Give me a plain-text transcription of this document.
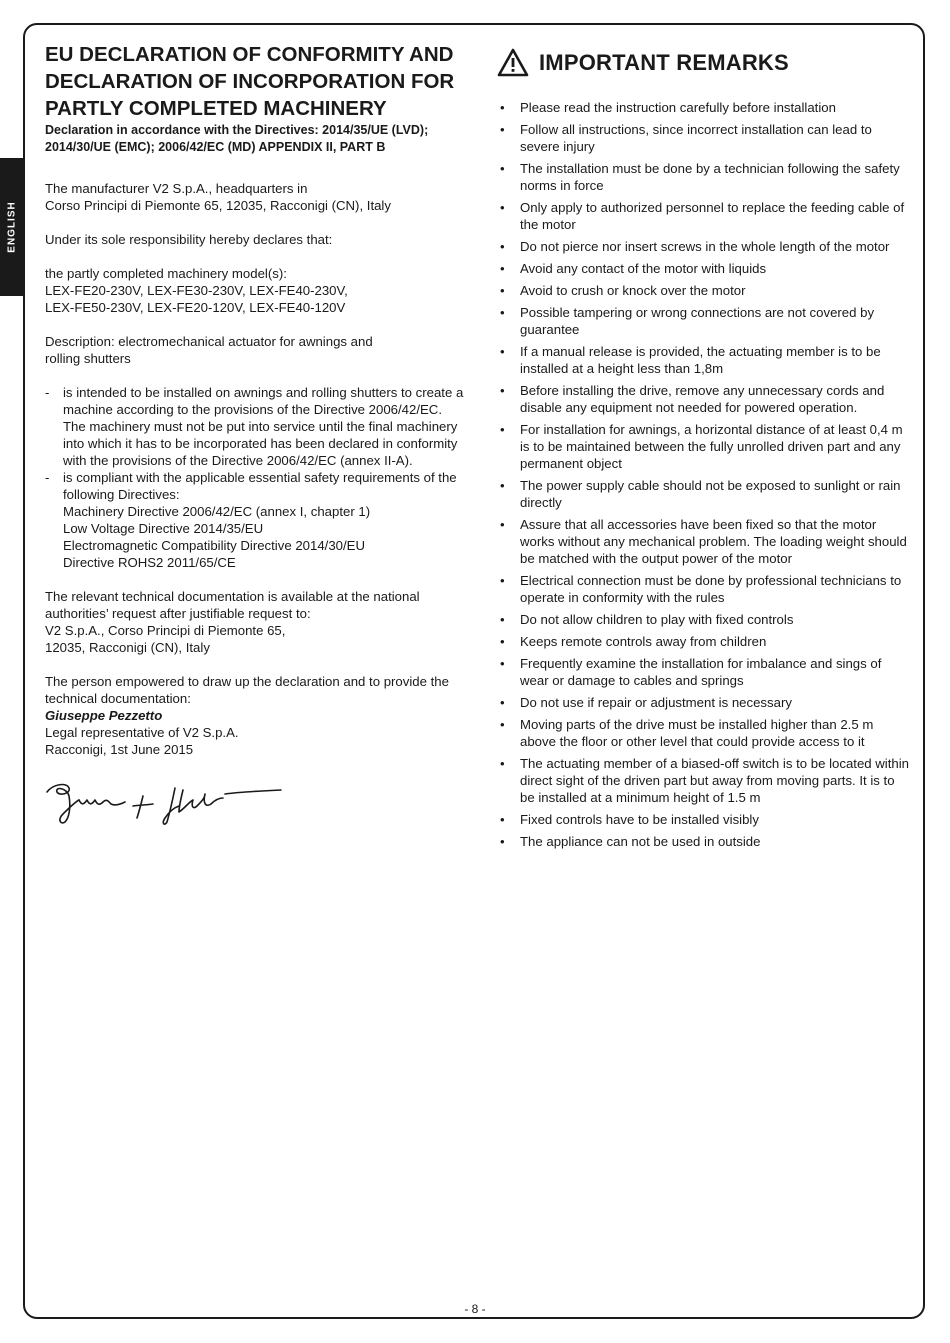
ENGLISH
EU DECLARATION OF CONFORMITY AND DECLARATION OF INCORPORATION FOR PARTLY COMPLETED MACHINERY

Declaration in accordance with the Directives: 2014/35/UE (LVD); 2014/30/UE (EMC); 2006/42/EC (MD) APPENDIX II, PART B

The manufacturer V2 S.p.A., headquarters in

Corso Principi di Piemonte 65, 12035, Racconigi (CN), Italy

Under its sole responsibility hereby declares that:

the partly completed machinery model(s):

LEX-FE20-230V, LEX-FE30-230V, LEX-FE40-230V,

LEX-FE50-230V, LEX-FE20-120V, LEX-FE40-120V

Description: electromechanical actuator for awnings and

rolling shutters

- is intended to be installed on awnings and rolling shutters to create a machine according to the provisions of the Directive 2006/42/EC. The machinery must not be put into service until the final machinery into which it has to be incorporated has been declared in conformity with the provisions of the Directive 2006/42/EC (annex II-A).
- is compliant with the applicable essential safety requirements of the following Directives:
Machinery Directive 2006/42/EC (annex I, chapter 1)
Low Voltage Directive 2014/35/EU
Electromagnetic Compatibility Directive 2014/30/EU
Directive ROHS2 2011/65/CE

The relevant technical documentation is available at the national authorities’ request after justifiable request to:

V2 S.p.A., Corso Principi di Piemonte 65,

12035, Racconigi (CN), Italy

The person empowered to draw up the declaration and to provide the technical documentation:

Giuseppe Pezzetto

Legal representative of V2 S.p.A.

Racconigi, 1st June 2015

IMPORTANT REMARKS
• Please read the instruction carefully before installation
• Follow all instructions, since incorrect installation can lead to severe injury
• The installation must be done by a technician following the safety norms in force
• Only apply to authorized personnel to replace the feeding cable of the motor
• Do not pierce nor insert screws in the whole length of the motor
• Avoid any contact of the motor with liquids
• Avoid to crush or knock over the motor
• Possible tampering or wrong connections are not covered by guarantee
• If a manual release is provided, the actuating member is to be installed at a height less than 1,8m
• Before installing the drive, remove any unnecessary cords and disable any equipment not needed for powered operation.
• For installation for awnings, a horizontal distance of at least 0,4 m is to be maintained between the fully unrolled driven part and any permanent object
• The power supply cable should not be exposed to sunlight or rain directly
• Assure that all accessories have been fixed so that the motor works without any mechanical problem. The loading weight should be matched with the output power of the motor
• Electrical connection must be done by professional technicians to operate in conformity with the rules
• Do not allow children to play with fixed controls
• Keeps remote controls away from children
• Frequently examine the installation for imbalance and sings of wear or damage to cables and springs
• Do not use if repair or adjustment is necessary
• Moving parts of the drive must be installed higher than 2.5 m above the floor or other level that could provide access to it
• The actuating member of a biased-off switch is to be located within direct sight of the driven part but away from moving parts. It is to be installed at a minimum height of 1.5 m
• Fixed controls have to be installed visibly
• The appliance can not be used in outside
- 8 -
